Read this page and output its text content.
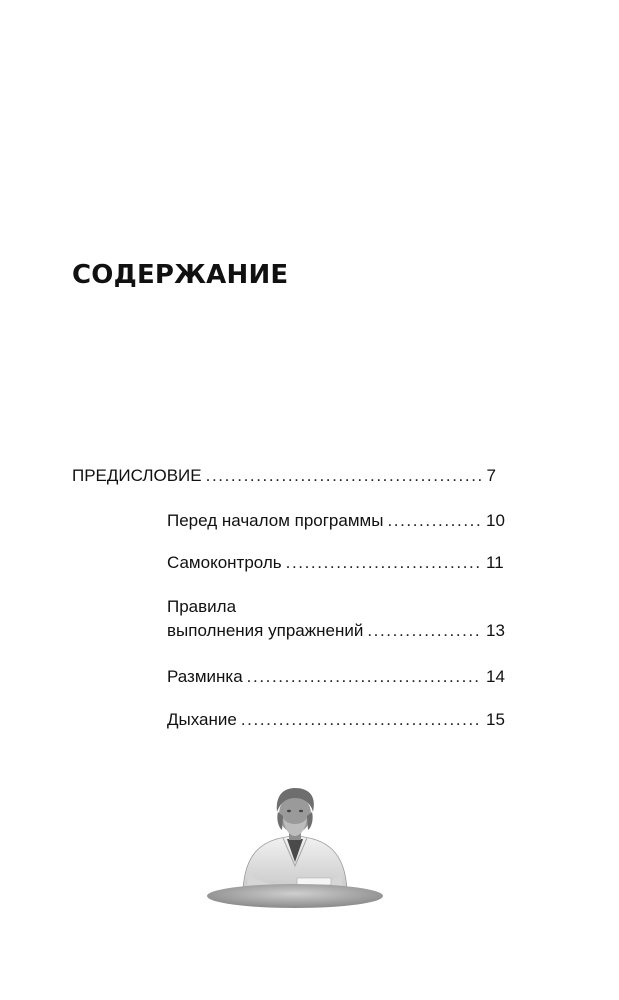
СОДЕРЖАНИЕ
ПРЕДИСЛОВИЕ .....	7
Перед началом программы .....	10
Самоконтроль .....	11
Правила
выполнения упражнений .....	13
Разминка .....	14
Дыхание .....	15
